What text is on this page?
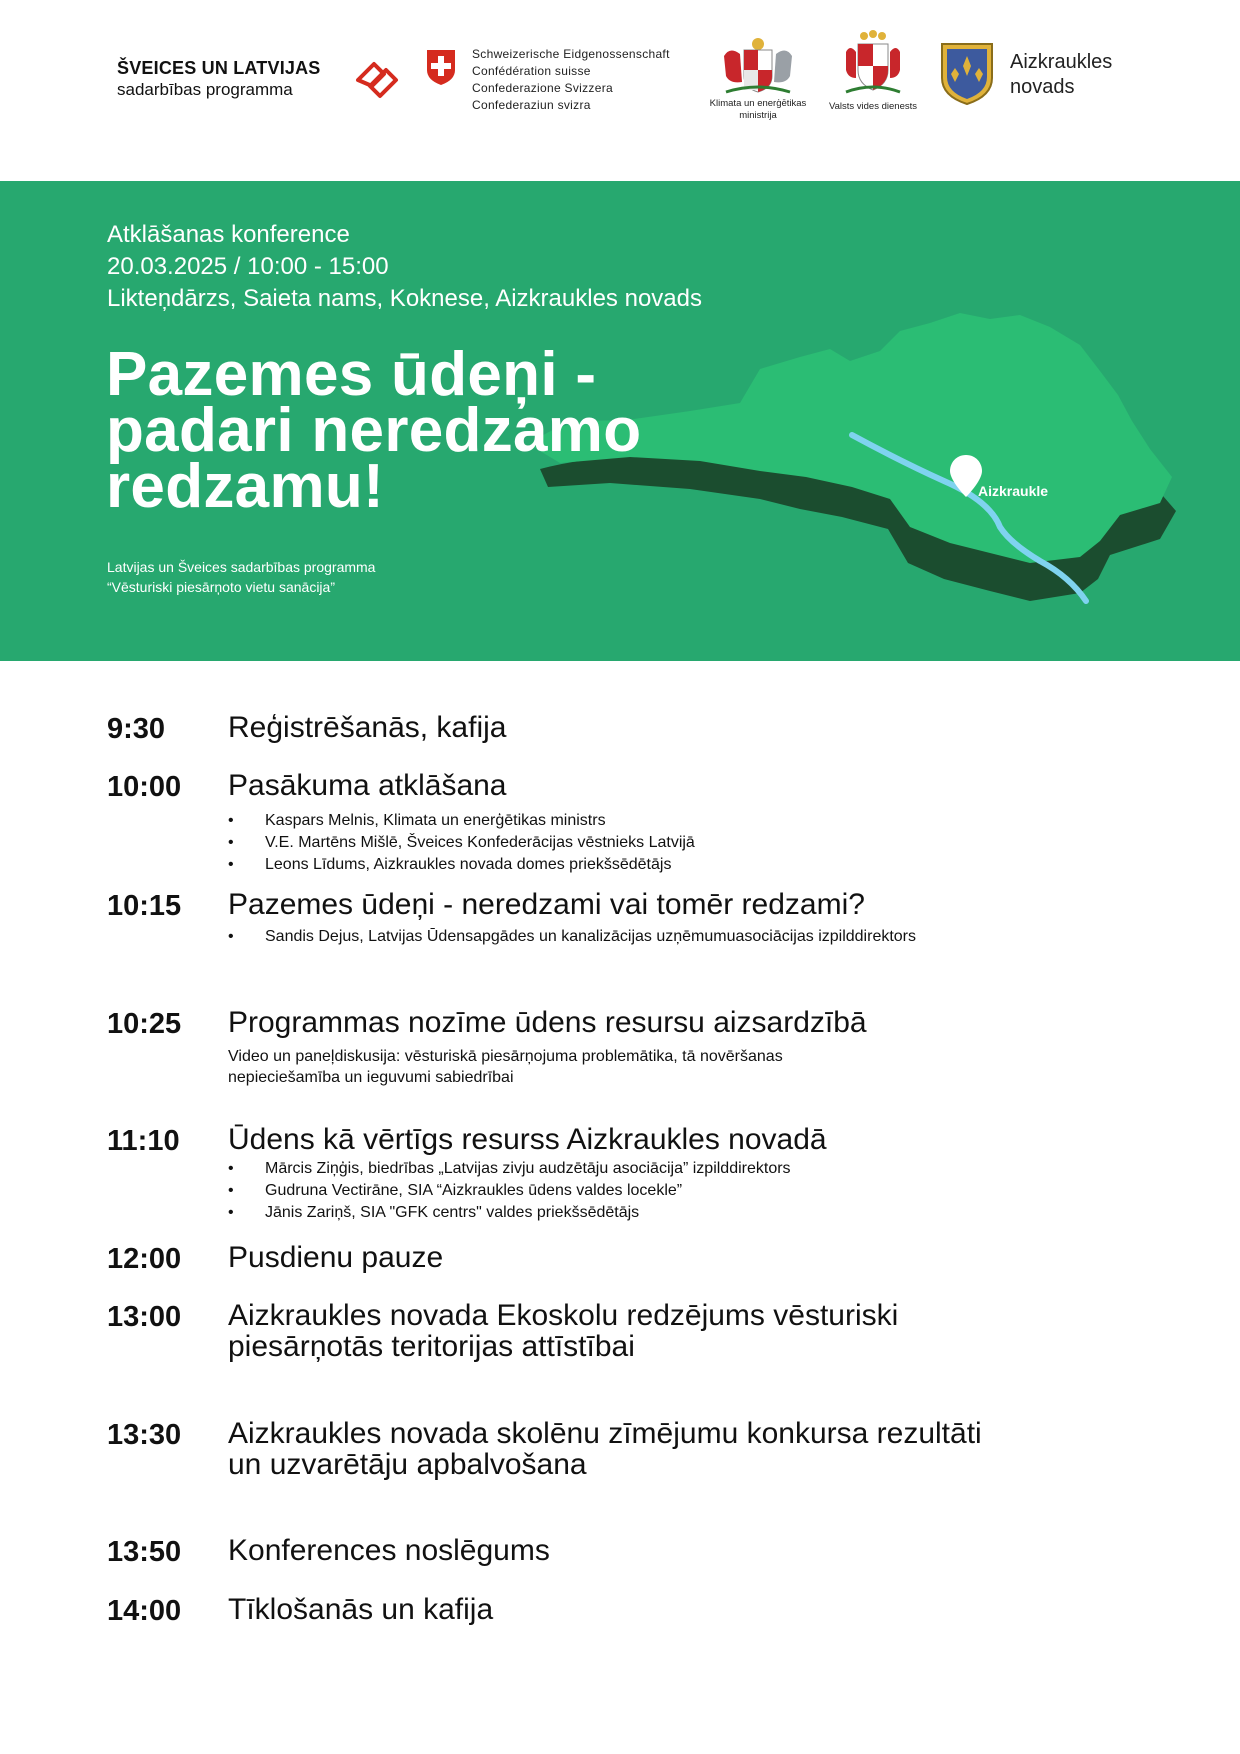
ŠVEICES UN LATVIJAS
sadarbības programma
Schweizerische Eidgenossenschaft
Confédération suisse
Confederazione Svizzera
Confederaziun svizra	Klimata un enerģētikas ministrija
Valsts vides dienests
Aizkraukles
novads
Atklāšanas konference
20.03.2025 / 10:00 - 15:00
Likteņdārzs, Saieta nams, Koknese, Aizkraukles novads
Pazemes ūdeņi -
padari neredzamo
redzamu!
Latvijas un Šveices sadarbības programma
“Vēsturiski piesārņoto vietu sanācija”
Aizkraukle
9:30 Reģistrēšanās, kafija
10:00 Pasākuma atklāšana
• Kaspars Melnis, Klimata un enerģētikas ministrs
• V.E. Martēns Mišlē, Šveices Konfederācijas vēstnieks Latvijā
• Leons Līdums, Aizkraukles novada domes priekšsēdētājs
10:15 Pazemes ūdeņi - neredzami vai tomēr redzami?
• Sandis Dejus, Latvijas Ūdensapgādes un kanalizācijas uzņēmumuasociācijas izpilddirektors
10:25 Programmas nozīme ūdens resursu aizsardzībā
Video un paneļdiskusija: vēsturiskā piesārņojuma problemātika, tā novēršanas nepieciešamība un ieguvumi sabiedrībai
11:10 Ūdens kā vērtīgs resurss Aizkraukles novadā
• Mārcis Ziņģis, biedrības „Latvijas zivju audzētāju asociācija” izpilddirektors
• Gudruna Vectirāne, SIA “Aizkraukles ūdens valdes locekle”
• Jānis Zariņš, SIA "GFK centrs" valdes priekšsēdētājs
12:00 Pusdienu pauze
13:00 Aizkraukles novada Ekoskolu redzējums vēsturiski piesārņotās teritorijas attīstībai
13:30 Aizkraukles novada skolēnu zīmējumu konkursa rezultāti un uzvarētāju apbalvošana
13:50 Konferences noslēgums
14:00 Tīklošanās un kafija
